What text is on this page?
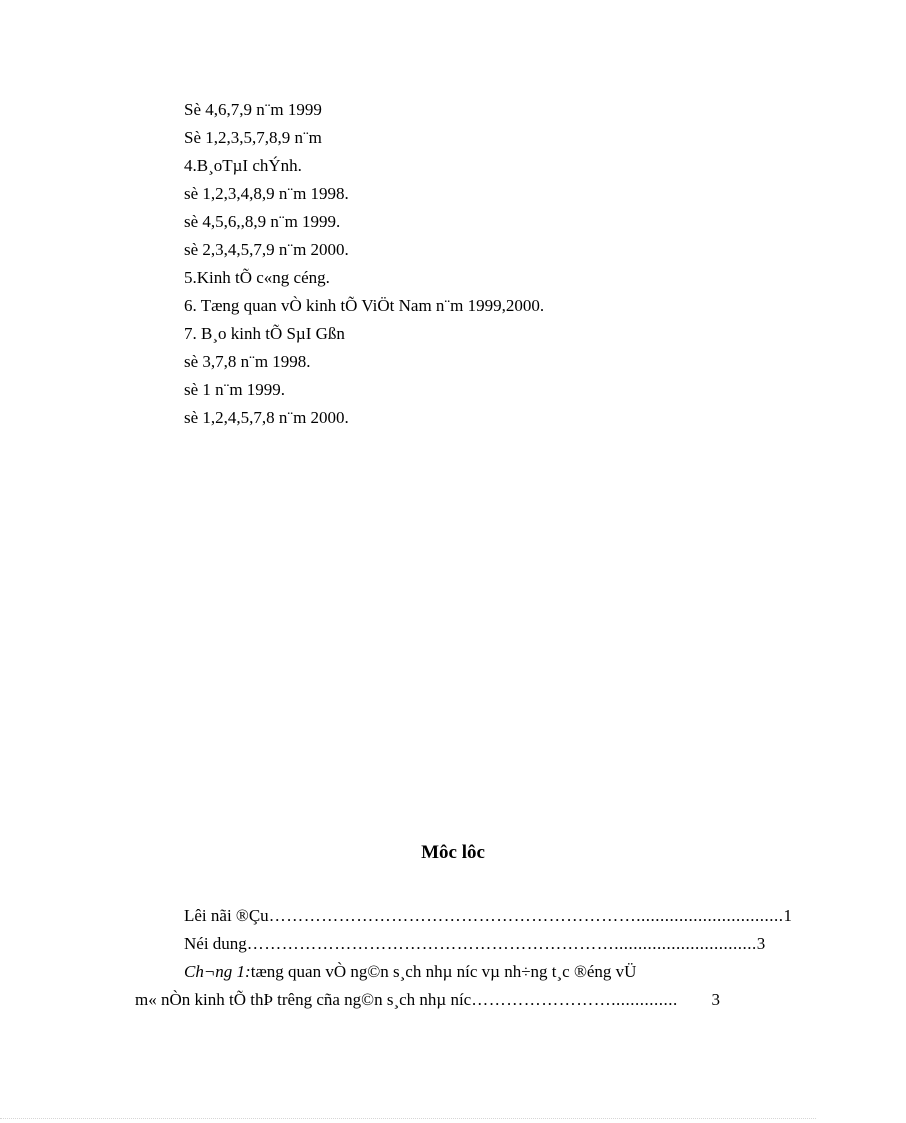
Sè 4,6,7,9 n¨m 1999
Sè 1,2,3,5,7,8,9 n¨m
4.B¸oTµI chÝnh.
sè 1,2,3,4,8,9 n¨m 1998.
sè 4,5,6,,8,9 n¨m 1999.
sè 2,3,4,5,7,9 n¨m 2000.
5.Kinh tÕ c«ng céng.
6. Tæng quan vÒ kinh tÕ ViÖt Nam n¨m 1999,2000.
7. B¸o kinh tÕ SµI Gßn
sè 3,7,8 n¨m 1998.
sè 1 n¨m 1999.
sè 1,2,4,5,7,8 n¨m 2000.
Môc lôc
Lêi nãi ®Çu ………………………………………………………............................... 1
Néi dung ……………………………………………………….............................. 3
Ch¬ng 1: tæng quan vÒ ng©n s¸ch nhµ níc vµ nh÷ng t¸c ®éng vÜ
m« nÒn kinh tÕ thÞ trêng cña ng©n s¸ch nhµ níc ……………………..............	3
